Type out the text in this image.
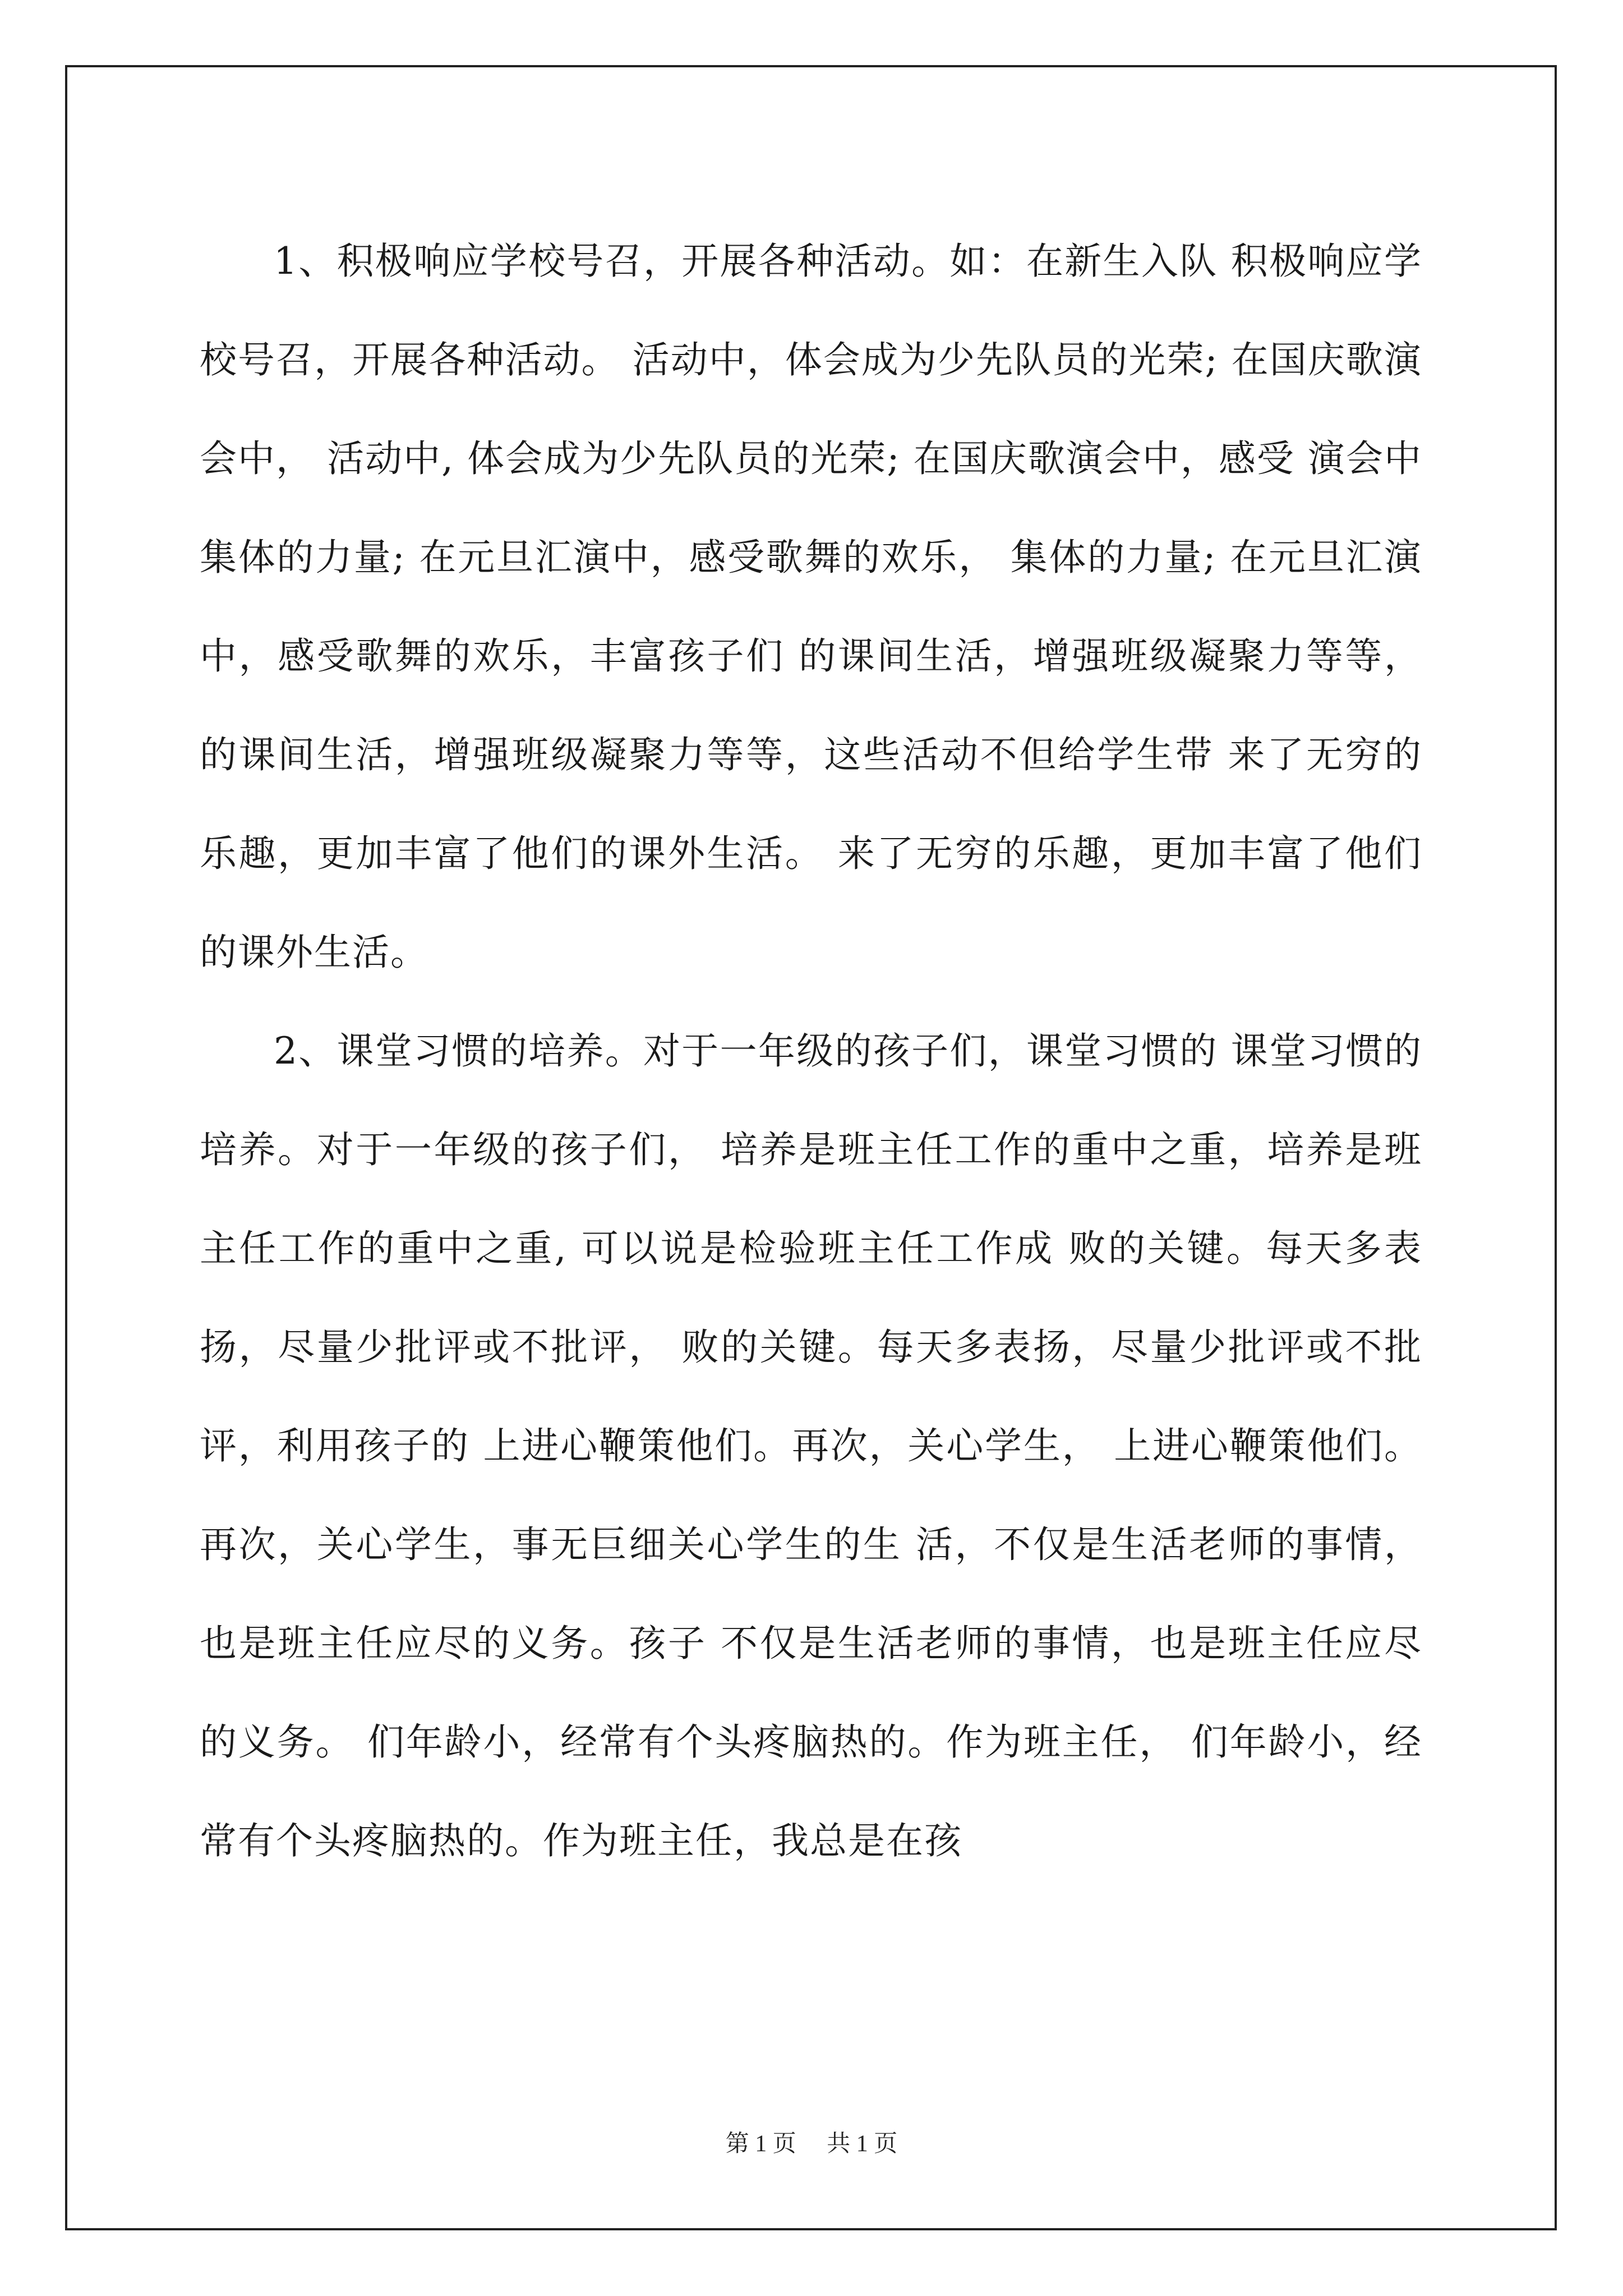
1、积极响应学校号召，开展各种活动。如：在新生入队 积极响应学校号召，开展各种活动。 活动中，体会成为少先队员的光荣; 在国庆歌演会中， 活动中, 体会成为少先队员的光荣; 在国庆歌演会中，感受 演会中 集体的力量; 在元旦汇演中，感受歌舞的欢乐， 集体的力量; 在元旦汇演中，感受歌舞的欢乐，丰富孩子们 的课间生活，增强班级凝聚力等等， 的课间生活，增强班级凝聚力等等，这些活动不但给学生带 来了无穷的乐趣，更加丰富了他们的课外生活。 来了无穷的乐趣，更加丰富了他们的课外生活。

2、课堂习惯的培养。对于一年级的孩子们，课堂习惯的 课堂习惯的培养。对于一年级的孩子们， 培养是班主任工作的重中之重，培养是班主任工作的重中之重, 可以说是检验班主任工作成 败的关键。每天多表扬，尽量少批评或不批评， 败的关键。每天多表扬，尽量少批评或不批评，利用孩子的 上进心鞭策他们。再次，关心学生， 上进心鞭策他们。再次，关心学生，事无巨细关心学生的生 活，不仅是生活老师的事情，也是班主任应尽的义务。孩子 不仅是生活老师的事情，也是班主任应尽的义务。 们年龄小，经常有个头疼脑热的。作为班主任， 们年龄小，经常有个头疼脑热的。作为班主任，我总是在孩

第 1 页 共 1 页
